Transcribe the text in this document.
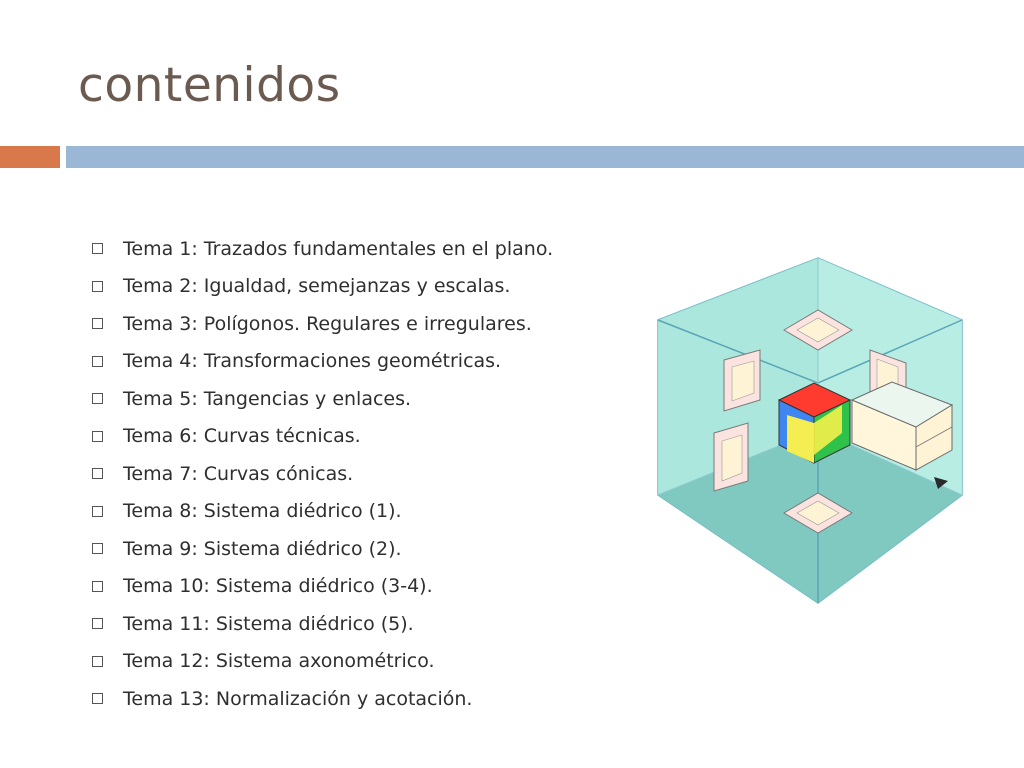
contenidos
Tema 1: Trazados fundamentales en el plano.
Tema 2: Igualdad, semejanzas y escalas.
Tema 3: Polígonos. Regulares e irregulares.
Tema 4: Transformaciones geométricas.
Tema 5: Tangencias y enlaces.
Tema 6: Curvas técnicas.
Tema 7: Curvas cónicas.
Tema 8: Sistema diédrico (1).
Tema 9: Sistema diédrico (2).
Tema 10: Sistema diédrico (3-4).
Tema 11: Sistema diédrico (5).
Tema 12: Sistema axonométrico.
Tema 13: Normalización y acotación.
